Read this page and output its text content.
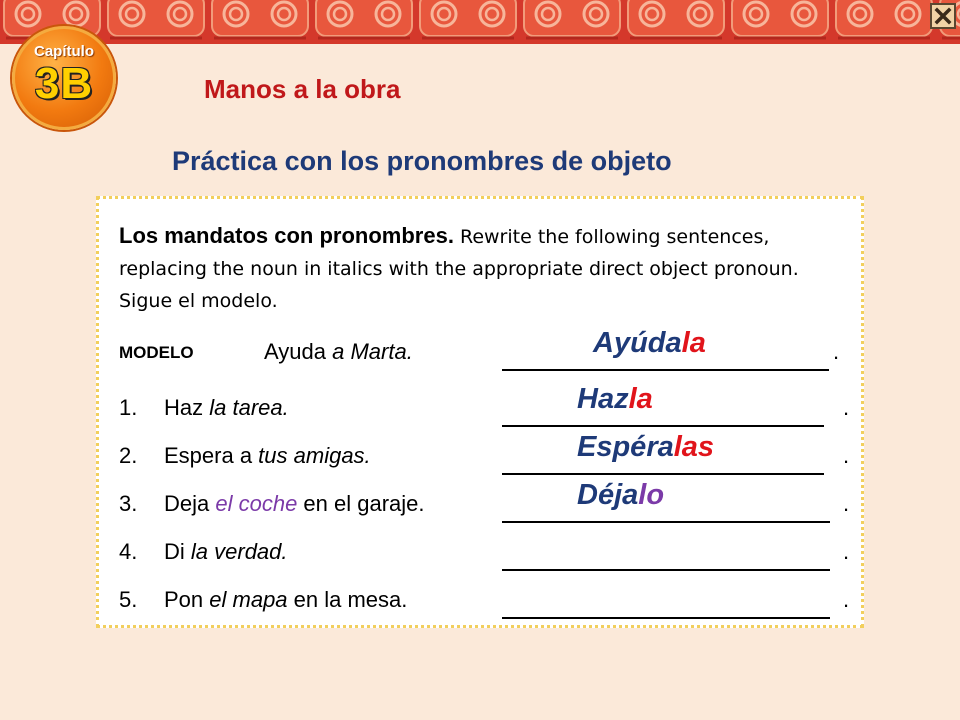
Capítulo
3B	Manos a la obra
Práctica con los pronombres de objeto
Los mandatos con pronombres. Rewrite the following sentences, replacing the noun in italics with the appropriate direct object pronoun. Sigue el modelo.
MODELO	Ayuda a Marta.	Ayúdala	.
1. Haz la tarea.	Hazla	.
2. Espera a tus amigas.	Espéralas	.
3. Deja el coche en el garaje.	Déjalo	.
4. Di la verdad.	.
5. Pon el mapa en la mesa.	.
